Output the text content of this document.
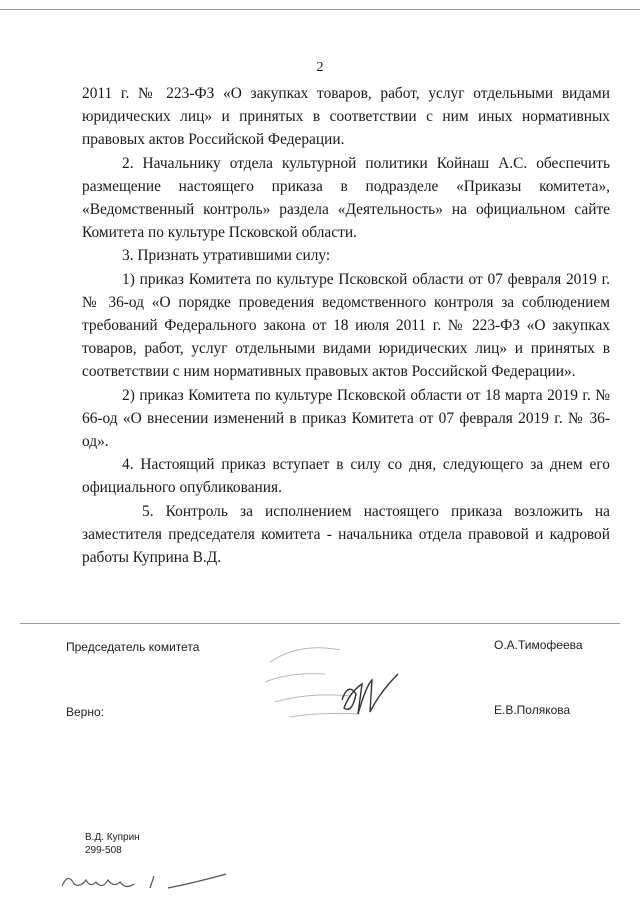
2

2011 г. № 223-ФЗ «О закупках товаров, работ, услуг отдельными видами юридических лиц» и принятых в соответствии с ним иных нормативных правовых актов Российской Федерации.

2. Начальнику отдела культурной политики Койнаш А.С. обеспечить размещение настоящего приказа в подразделе «Приказы комитета», «Ведомственный контроль» раздела «Деятельность» на официальном сайте Комитета по культуре Псковской области.

3. Признать утратившими силу:

1) приказ Комитета по культуре Псковской области от 07 февраля 2019 г. № 36-од «О порядке проведения ведомственного контроля за соблюдением требований Федерального закона от 18 июля 2011 г. № 223-ФЗ «О закупках товаров, работ, услуг отдельными видами юридических лиц» и принятых в соответствии с ним нормативных правовых актов Российской Федерации».

2) приказ Комитета по культуре Псковской области от 18 марта 2019 г. № 66-од «О внесении изменений в приказ Комитета от 07 февраля 2019 г. № 36-од».

4. Настоящий приказ вступает в силу со дня, следующего за днем его официального опубликования.

5. Контроль за исполнением настоящего приказа возложить на заместителя председателя комитета - начальника отдела правовой и кадровой работы Куприна В.Д.

Председатель комитета	О.А.Тимофеева
Верно:	Е.В.Полякова
В.Д. Куприн
299-508
